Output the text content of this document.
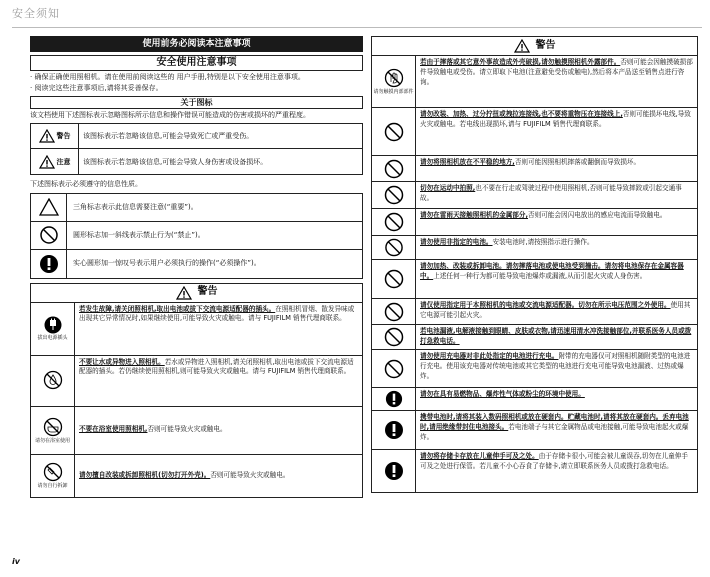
安全须知
使用前务必阅读本注意事项
安全使用注意事项
· 确保正确使用照相机。请在使用前阅读这些的 用户手册,特别是以下安全使用注意事项。
· 阅读完这些注意事项后,请将其妥善保存。
关于图标
该文档使用下述图标表示忽略图标所示信息和操作错误可能造成的伤害或损坏的严重程度。
警告	该图标表示若忽略该信息,可能会导致死亡或严重受伤。
注意	该图标表示若忽略该信息,可能会导致人身伤害或设备损坏。
下述图标表示必须遵守的信息性质。
三角标志表示此信息需要注意(“重要”)。
圆形标志加一斜线表示禁止行为(“禁止”)。
实心圆形加一惊叹号表示用户必须执行的操作(“必须操作”)。
警告
拔出电源插头
若发生故障,请关闭照相机,取出电池或拔下交流电源适配器的插头。在照相机冒烟、散发异味或出现其它异常情况时,如果继续使用,可能导致火灾或触电。请与 FUJIFILM 销售代理商联系。
不要让水或异物进入照相机。若水或异物进入照相机,请关闭照相机,取出电池或拔下交流电源适配器的插头。若仍继续使用照相机,则可能导致火灾或触电。请与 FUJIFILM 销售代理商联系。
请勿在浴室使用
不要在浴室使用照相机,否则可能导致火灾或触电。
请勿自行拆卸
请勿擅自改装或拆卸照相机(切勿打开外壳)。否则可能导致火灾或触电。
警告
请勿触摸内部部件
若由于摔落或其它意外事故造成外壳破损,请勿触摸照相机外露部件。否则可能会因触摸破损部件导致触电或受伤。请立即取下电池(注意避免受伤或触电),然后将本产品送至销售点进行咨询。
请勿改装、加热、过分拧扭或拽拉连接线,也不要将重物压在连接线上,否则可能损坏电线,导致火灾或触电。若电线出现损坏,请与 FUJIFILM 销售代理商联系。
请勿将照相机放在不平稳的地方,否则可能因照相机摔落或翻倒而导致损坏。
切勿在运动中拍照,也不要在行走或驾驶过程中使用照相机,否则可能导致摔跤或引起交通事故。
请勿在雷雨天接触照相机的金属部分,否则可能会因闪电放出的感应电流而导致触电。
请勿使用非指定的电池。安装电池时,请按照指示进行操作。
请勿加热、改装或拆卸电池。请勿摔落电池或使电池受到撞击。请勿将电池保存在金属容器中。上述任何一种行为都可能导致电池爆炸或漏液,从而引起火灾或人身伤害。
请仅使用指定用于本照相机的电池或交流电源适配器。切勿在所示电压范围之外使用。使用其它电源可能引起火灾。
若电池漏液,电解液接触到眼睛、皮肤或衣物,请迅速用清水冲洗接触部位,并联系医务人员或拨打急救电话。
请勿使用充电器对非此处指定的电池进行充电。附带的充电器仅可对照相机随附类型的电池进行充电。使用该充电器对传统电池或其它类型的电池进行充电可能导致电池漏液、过热或爆炸。
请勿在具有易燃物品、爆炸性气体或粉尘的环境中使用。
携带电池时,请将其装入数码照相机或放在硬套内。贮藏电池时,请将其放在硬套内。丢弃电池时,请用绝缘带封住电池接头。若电池端子与其它金属物品或电池接触,可能导致电池起火或爆炸。
请勿将存储卡存放在儿童伸手可及之处。由于存储卡很小,可能会被儿童误吞,切勿在儿童伸手可及之处进行保管。若儿童不小心吞食了存储卡,请立即联系医务人员或拨打急救电话。
iv
